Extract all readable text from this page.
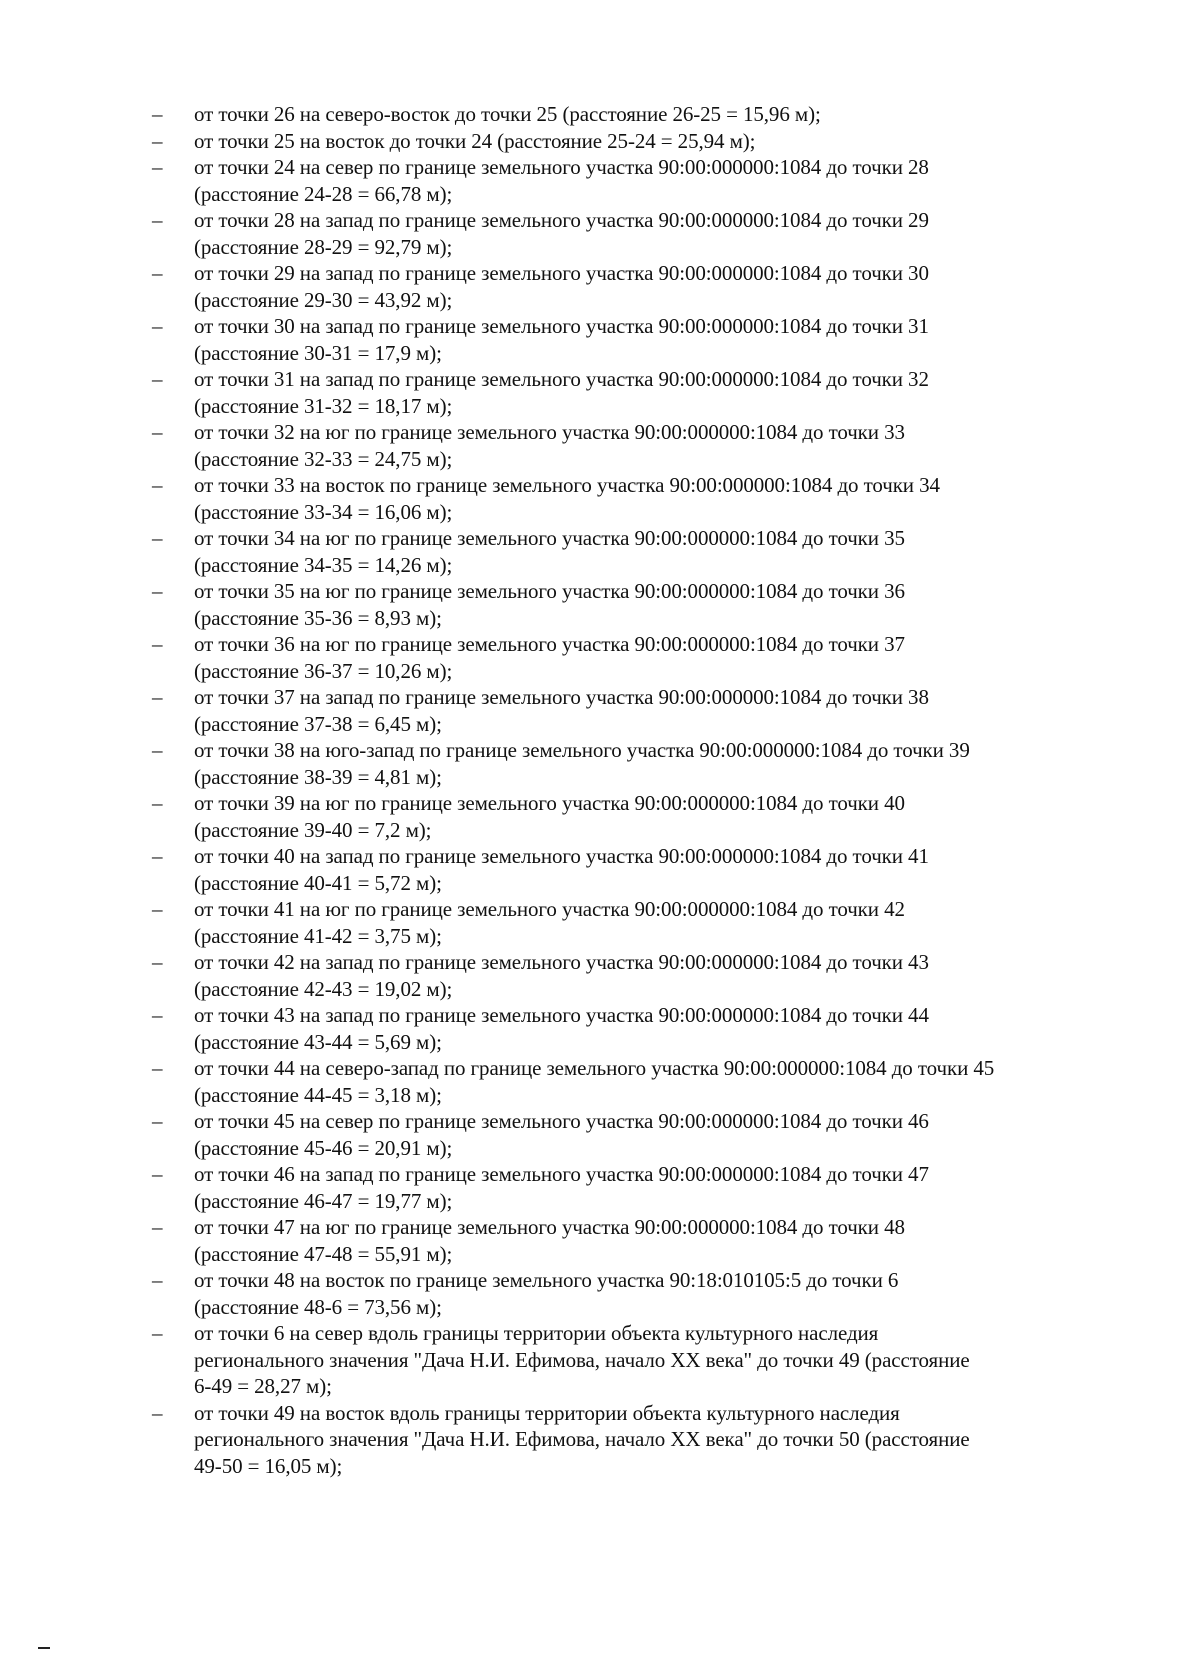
–	от точки 26 на северо-восток до точки 25 (расстояние 26-25 = 15,96 м);
–	от точки 25 на восток до точки 24 (расстояние 25-24 = 25,94 м);
–	от точки 24 на север по границе земельного участка 90:00:000000:1084 до точки 28
(расстояние 24-28 = 66,78 м);
–	от точки 28 на запад по границе земельного участка 90:00:000000:1084 до точки 29
(расстояние 28-29 = 92,79 м);
–	от точки 29 на запад по границе земельного участка 90:00:000000:1084 до точки 30
(расстояние 29-30 = 43,92 м);
–	от точки 30 на запад по границе земельного участка 90:00:000000:1084 до точки 31
(расстояние 30-31 = 17,9 м);
–	от точки 31 на запад по границе земельного участка 90:00:000000:1084 до точки 32
(расстояние 31-32 = 18,17 м);
–	от точки 32 на юг по границе земельного участка 90:00:000000:1084 до точки 33
(расстояние 32-33 = 24,75 м);
–	от точки 33 на восток по границе земельного участка 90:00:000000:1084 до точки 34
(расстояние 33-34 = 16,06 м);
–	от точки 34 на юг по границе земельного участка 90:00:000000:1084 до точки 35
(расстояние 34-35 = 14,26 м);
–	от точки 35 на юг по границе земельного участка 90:00:000000:1084 до точки 36
(расстояние 35-36 = 8,93 м);
–	от точки 36 на юг по границе земельного участка 90:00:000000:1084 до точки 37
(расстояние 36-37 = 10,26 м);
–	от точки 37 на запад по границе земельного участка 90:00:000000:1084 до точки 38
(расстояние 37-38 = 6,45 м);
–	от точки 38 на юго-запад по границе земельного участка 90:00:000000:1084 до точки 39
(расстояние 38-39 = 4,81 м);
–	от точки 39 на юг по границе земельного участка 90:00:000000:1084 до точки 40
(расстояние 39-40 = 7,2 м);
–	от точки 40 на запад по границе земельного участка 90:00:000000:1084 до точки 41
(расстояние 40-41 = 5,72 м);
–	от точки 41 на юг по границе земельного участка 90:00:000000:1084 до точки 42
(расстояние 41-42 = 3,75 м);
–	от точки 42 на запад по границе земельного участка 90:00:000000:1084 до точки 43
(расстояние 42-43 = 19,02 м);
–	от точки 43 на запад по границе земельного участка 90:00:000000:1084 до точки 44
(расстояние 43-44 = 5,69 м);
–	от точки 44 на северо-запад по границе земельного участка 90:00:000000:1084 до точки 45
(расстояние 44-45 = 3,18 м);
–	от точки 45 на север по границе земельного участка 90:00:000000:1084 до точки 46
(расстояние 45-46 = 20,91 м);
–	от точки 46 на запад по границе земельного участка 90:00:000000:1084 до точки 47
(расстояние 46-47 = 19,77 м);
–	от точки 47 на юг по границе земельного участка 90:00:000000:1084 до точки 48
(расстояние 47-48 = 55,91 м);
–	от точки 48 на восток по границе земельного участка 90:18:010105:5 до точки 6
(расстояние 48-6 = 73,56 м);
–	от точки 6 на север вдоль границы территории объекта культурного наследия
регионального значения "Дача Н.И. Ефимова, начало XX века" до точки 49 (расстояние
6-49 = 28,27 м);
–	от точки 49 на восток вдоль границы территории объекта культурного наследия
регионального значения "Дача Н.И. Ефимова, начало XX века" до точки 50 (расстояние
49-50 = 16,05 м);
